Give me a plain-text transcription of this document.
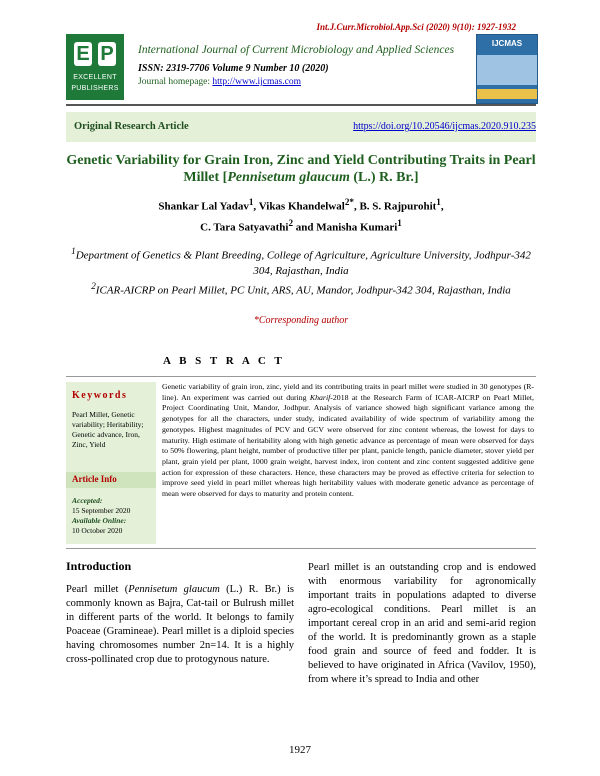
Int.J.Curr.Microbiol.App.Sci (2020) 9(10): 1927-1932
E P
EXCELLENT
PUBLISHERS
International Journal of Current Microbiology and Applied Sciences
ISSN: 2319-7706 Volume 9 Number 10 (2020)
Journal homepage: http://www.ijcmas.com
IJCMAS
Original Research Article	https://doi.org/10.20546/ijcmas.2020.910.235
Genetic Variability for Grain Iron, Zinc and Yield Contributing Traits in Pearl Millet [Pennisetum glaucum (L.) R. Br.]
Shankar Lal Yadav$^1$, Vikas Khandelwal$^{2*}$, B. S. Rajpurohit$^1$,
C. Tara Satyavathi$^2$ and Manisha Kumari$^1$
$^1$Department of Genetics & Plant Breeding, College of Agriculture, Agriculture University, Jodhpur-342 304, Rajasthan, India
$^2$ICAR-AICRP on Pearl Millet, PC Unit, ARS, AU, Mandor, Jodhpur-342 304, Rajasthan, India
*Corresponding author
A B S T R A C T
Keywords
Pearl Millet, Genetic variability; Heritability; Genetic advance, Iron, Zinc, Yield
Article Info
Accepted:
15 September 2020
Available Online:
10 October 2020
Genetic variability of grain iron, zinc, yield and its contributing traits in pearl millet were studied in 30 genotypes (R-line). An experiment was carried out during Kharif-2018 at the Research Farm of ICAR-AICRP on Pearl Millet, Project Coordinating Unit, Mandor, Jodhpur. Analysis of variance showed high significant variance among the genotypes for all the characters, under study, indicated availability of wide spectrum of variability among the genotypes. Highest magnitudes of PCV and GCV were observed for zinc content whereas, the lowest for days to maturity. High estimate of heritability along with high genetic advance as percentage of mean were observed for days to 50% flowering, plant height, number of productive tiller per plant, panicle length, panicle diameter, stover yield per plant, grain yield per plant, 1000 grain weight, harvest index, iron content and zinc content suggested additive gene action for expression of these characters. Hence, these characters may be proved as effective criteria for selection to improve seed yield in pearl millet whereas high heritability values with moderate genetic advance as percentage of mean were observed for days to maturity and protein content.
Introduction
Pearl millet (Pennisetum glaucum (L.) R. Br.) is commonly known as Bajra, Cat-tail or Bulrush millet in different parts of the world. It belongs to family Poaceae (Gramineae). Pearl millet is a diploid species having chromosomes number 2n=14. It is a highly cross-pollinated crop due to protogynous nature.
Pearl millet is an outstanding crop and is endowed with enormous variability for agronomically important traits in populations adapted to diverse agro-ecological conditions. Pearl millet is an important cereal crop in an arid and semi-arid region of the world. It is predominantly grown as a staple food grain and source of feed and fodder. It is believed to have originated in Africa (Vavilov, 1950), from where it’s spread to India and other
1927
